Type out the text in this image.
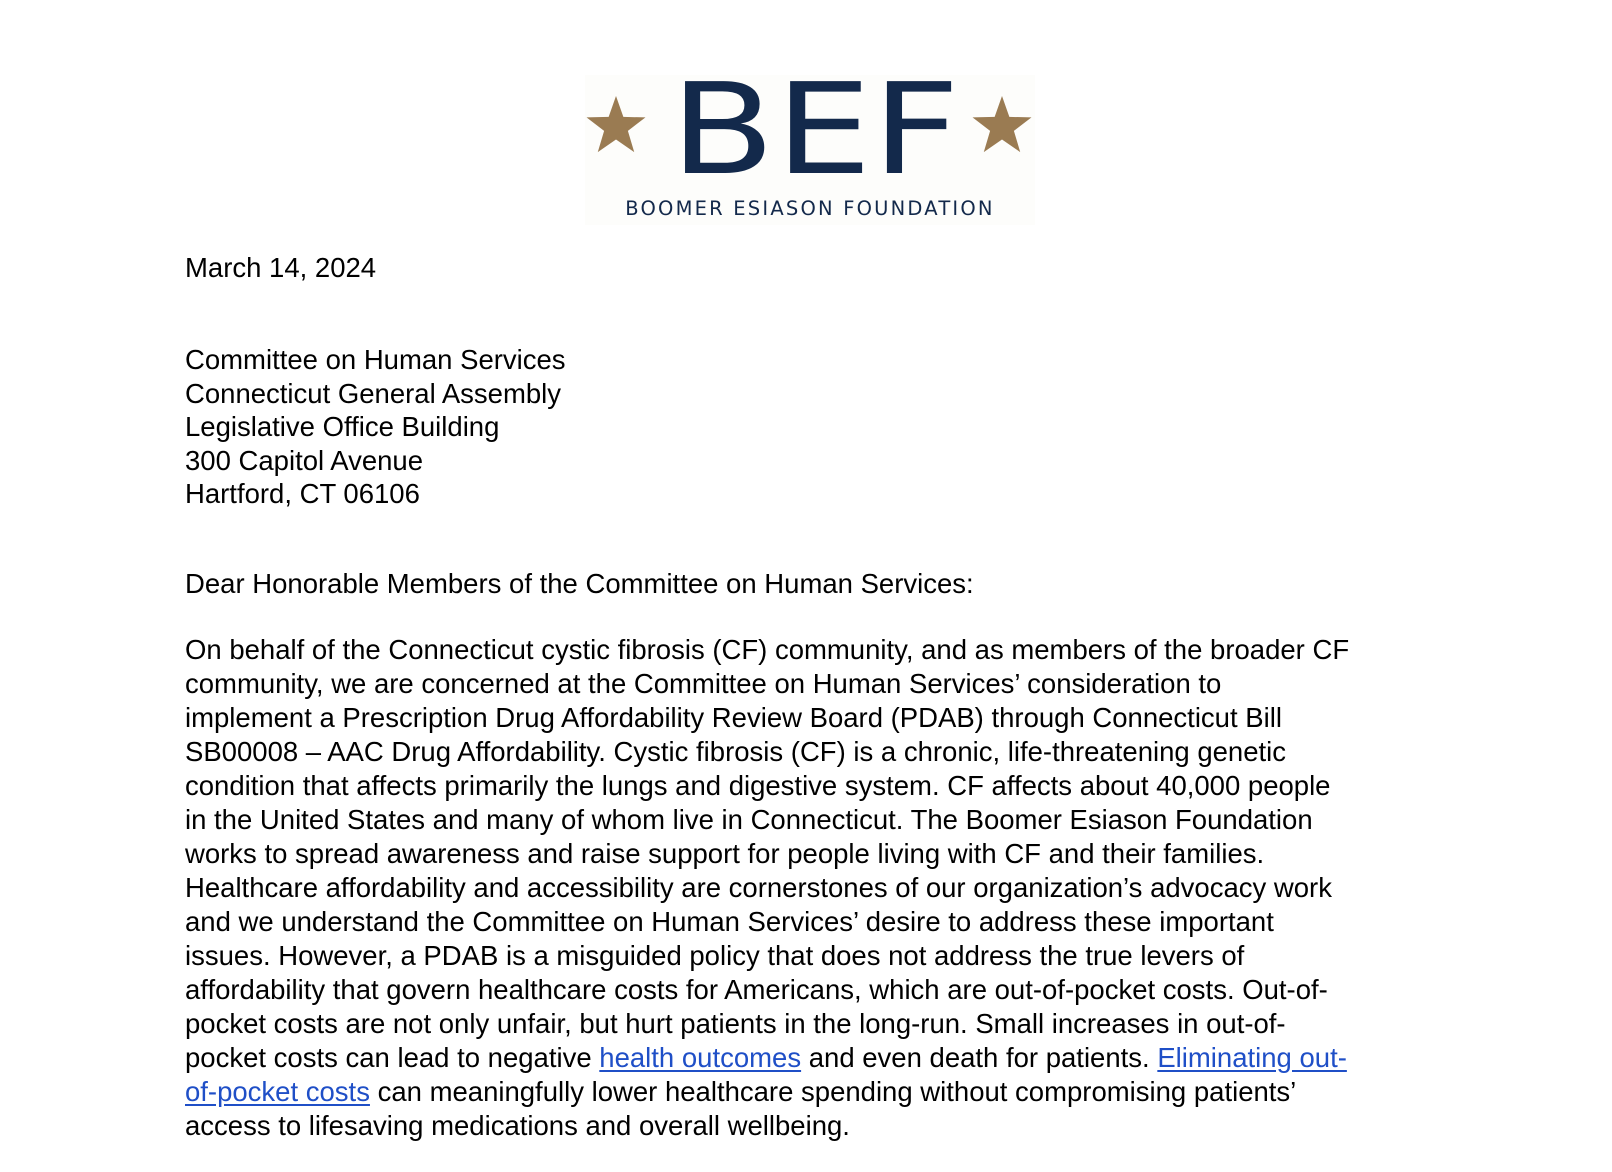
BEF
BOOMER ESIASON FOUNDATION

March 14, 2024

Committee on Human Services
Connecticut General Assembly
Legislative Office Building
300 Capitol Avenue
Hartford, CT 06106

Dear Honorable Members of the Committee on Human Services:

On behalf of the Connecticut cystic fibrosis (CF) community, and as members of the broader CF
community, we are concerned at the Committee on Human Services’ consideration to
implement a Prescription Drug Affordability Review Board (PDAB) through Connecticut Bill
SB00008 – AAC Drug Affordability. Cystic fibrosis (CF) is a chronic, life-threatening genetic
condition that affects primarily the lungs and digestive system. CF affects about 40,000 people
in the United States and many of whom live in Connecticut. The Boomer Esiason Foundation
works to spread awareness and raise support for people living with CF and their families.
Healthcare affordability and accessibility are cornerstones of our organization’s advocacy work
and we understand the Committee on Human Services’ desire to address these important
issues. However, a PDAB is a misguided policy that does not address the true levers of
affordability that govern healthcare costs for Americans, which are out-of-pocket costs. Out-of-
pocket costs are not only unfair, but hurt patients in the long-run. Small increases in out-of-
pocket costs can lead to negative health outcomes and even death for patients. Eliminating out-
of-pocket costs can meaningfully lower healthcare spending without compromising patients’
access to lifesaving medications and overall wellbeing.
